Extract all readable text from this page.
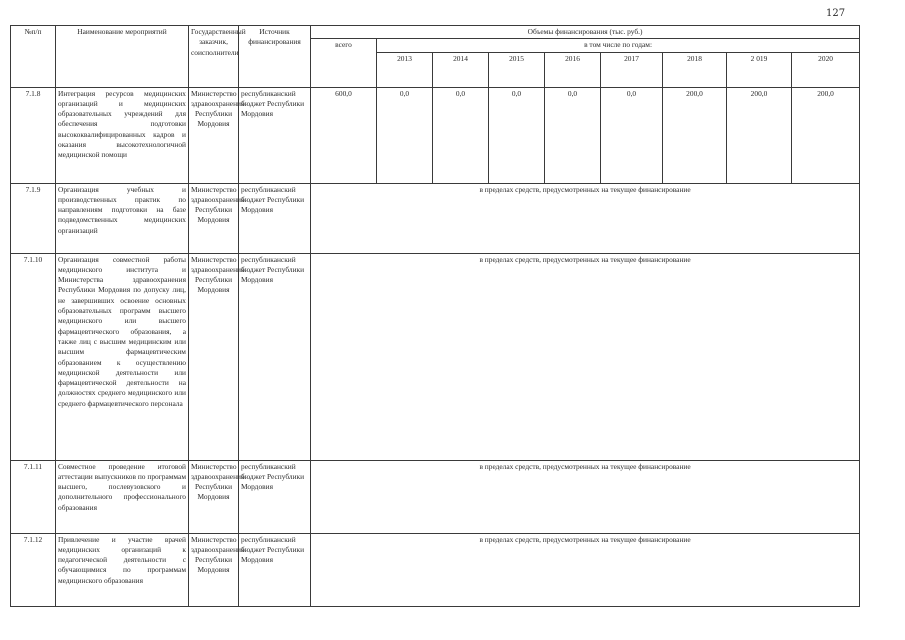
127
№п/п	Наименование мероприятий	Государственный заказчик, соисполнители	Источник финансирования	Объемы финансирования (тыс. руб.)								
				всего	в том числе по годам:							
					2013	2014	2015	2016	2017	2018	2 019	2020
7.1.8	Интеграция ресурсов медицинских организаций и медицинских образовательных учреждений для обеспечения подготовки высококвалифицированных кадров и оказания высокотехнологичной медицинской помощи	Министерство здравоохранения Республики Мордовия	республиканский бюджет Республики Мордовия	600,0	0,0	0,0	0,0	0,0	0,0	200,0	200,0	200,0
7.1.9	Организация учебных и производственных практик по направлениям подготовки на базе подведомственных медицинских организаций	Министерство здравоохранения Республики Мордовия	республиканский бюджет Республики Мордовия	в пределах средств, предусмотренных на текущее финансирование								
7.1.10	Организация совместной работы медицинского института и Министерства здравоохранения Республики Мордовия по допуску лиц, не завершивших освоение основных образовательных программ высшего медицинского или высшего фармацевтического образования, а также лиц с высшим медицинским или высшим фармацевтическим образованием к осуществлению медицинской деятельности или фармацевтической деятельности на должностях среднего медицинского или среднего фармацевтического персонала	Министерство здравоохранения Республики Мордовия	республиканский бюджет Республики Мордовия	в пределах средств, предусмотренных на текущее финансирование								
7.1.11	Совместное проведение итоговой аттестации выпускников по программам высшего, послевузовского и дополнительного профессионального образования	Министерство здравоохранения Республики Мордовия	республиканский бюджет Республики Мордовия	в пределах средств, предусмотренных на текущее финансирование								
7.1.12	Привлечение и участие врачей медицинских организаций к педагогической деятельности с обучающимися по программам медицинского образования	Министерство здравоохранения Республики Мордовия	республиканский бюджет Республики Мордовия	в пределах средств, предусмотренных на текущее финансирование								
